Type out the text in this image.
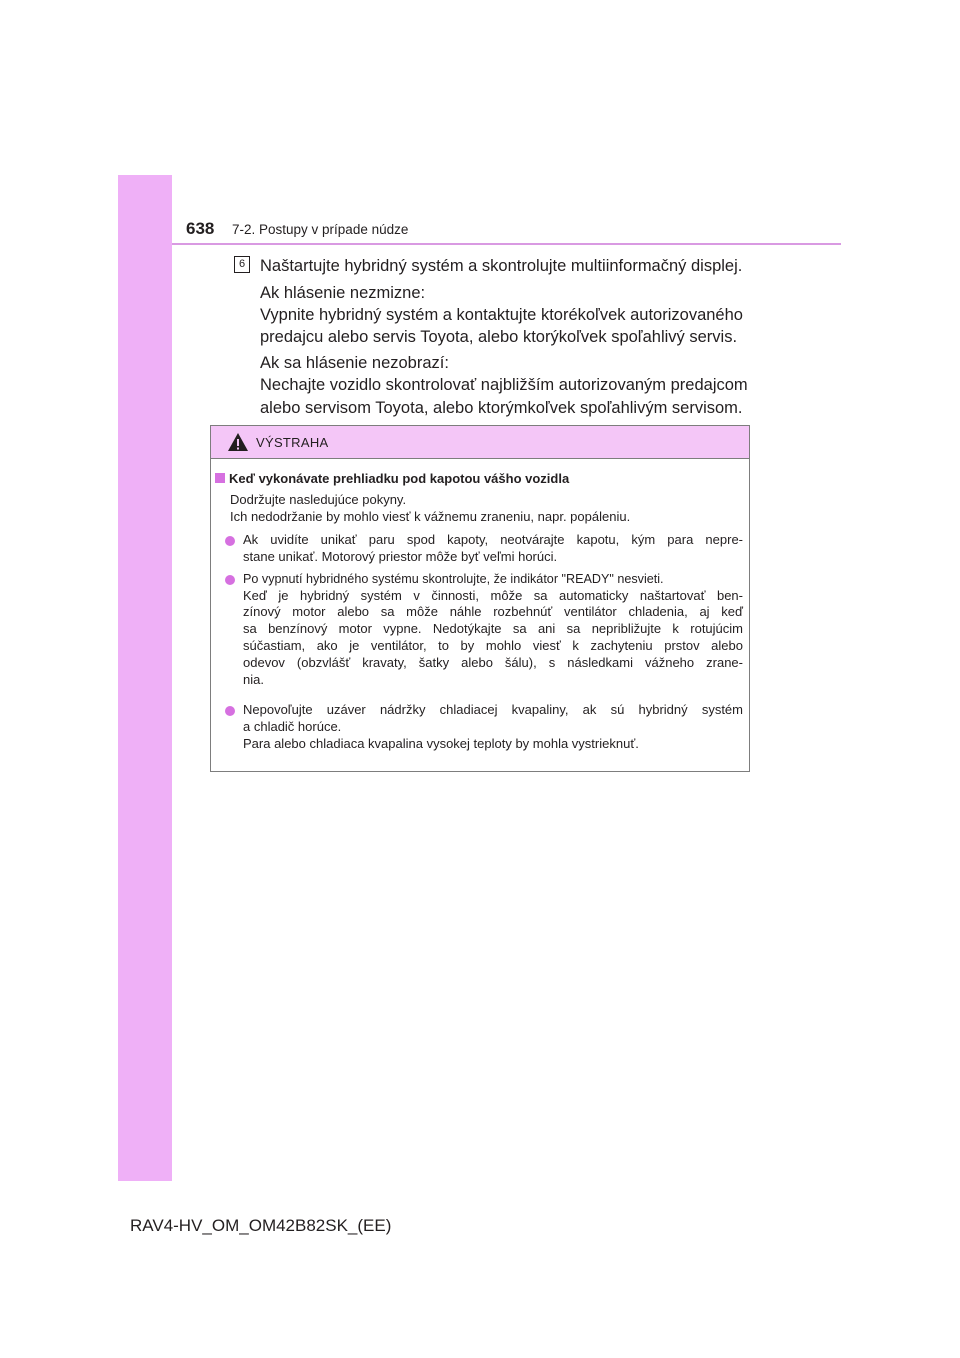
638 7-2. Postupy v prípade núdze
6 Naštartujte hybridný systém a skontrolujte multiinformačný displej.
Ak hlásenie nezmizne:
Vypnite hybridný systém a kontaktujte ktorékoľvek autorizovaného
predajcu alebo servis Toyota, alebo ktorýkoľvek spoľahlivý servis.
Ak sa hlásenie nezobrazí:
Nechajte vozidlo skontrolovať najbližším autorizovaným predajcom
alebo servisom Toyota, alebo ktorýmkoľvek spoľahlivým servisom.
VÝSTRAHA
Keď vykonávate prehliadku pod kapotou vášho vozidla
Dodržujte nasledujúce pokyny.
Ich nedodržanie by mohlo viesť k vážnemu zraneniu, napr. popáleniu.
Ak uvidíte unikať paru spod kapoty, neotvárajte kapotu, kým para nepre-
stane unikať. Motorový priestor môže byť veľmi horúci.
Po vypnutí hybridného systému skontrolujte, že indikátor "READY" nesvieti.
Keď je hybridný systém v činnosti, môže sa automaticky naštartovať ben-
zínový motor alebo sa môže náhle rozbehnúť ventilátor chladenia, aj keď
sa benzínový motor vypne. Nedotýkajte sa ani sa nepribližujte k rotujúcim
súčastiam, ako je ventilátor, to by mohlo viesť k zachyteniu prstov alebo
odevov (obzvlášť kravaty, šatky alebo šálu), s následkami vážneho zrane-
nia.
Nepovoľujte uzáver nádržky chladiacej kvapaliny, ak sú hybridný systém
a chladič horúce.
Para alebo chladiaca kvapalina vysokej teploty by mohla vystrieknuť.
RAV4-HV_OM_OM42B82SK_(EE)
